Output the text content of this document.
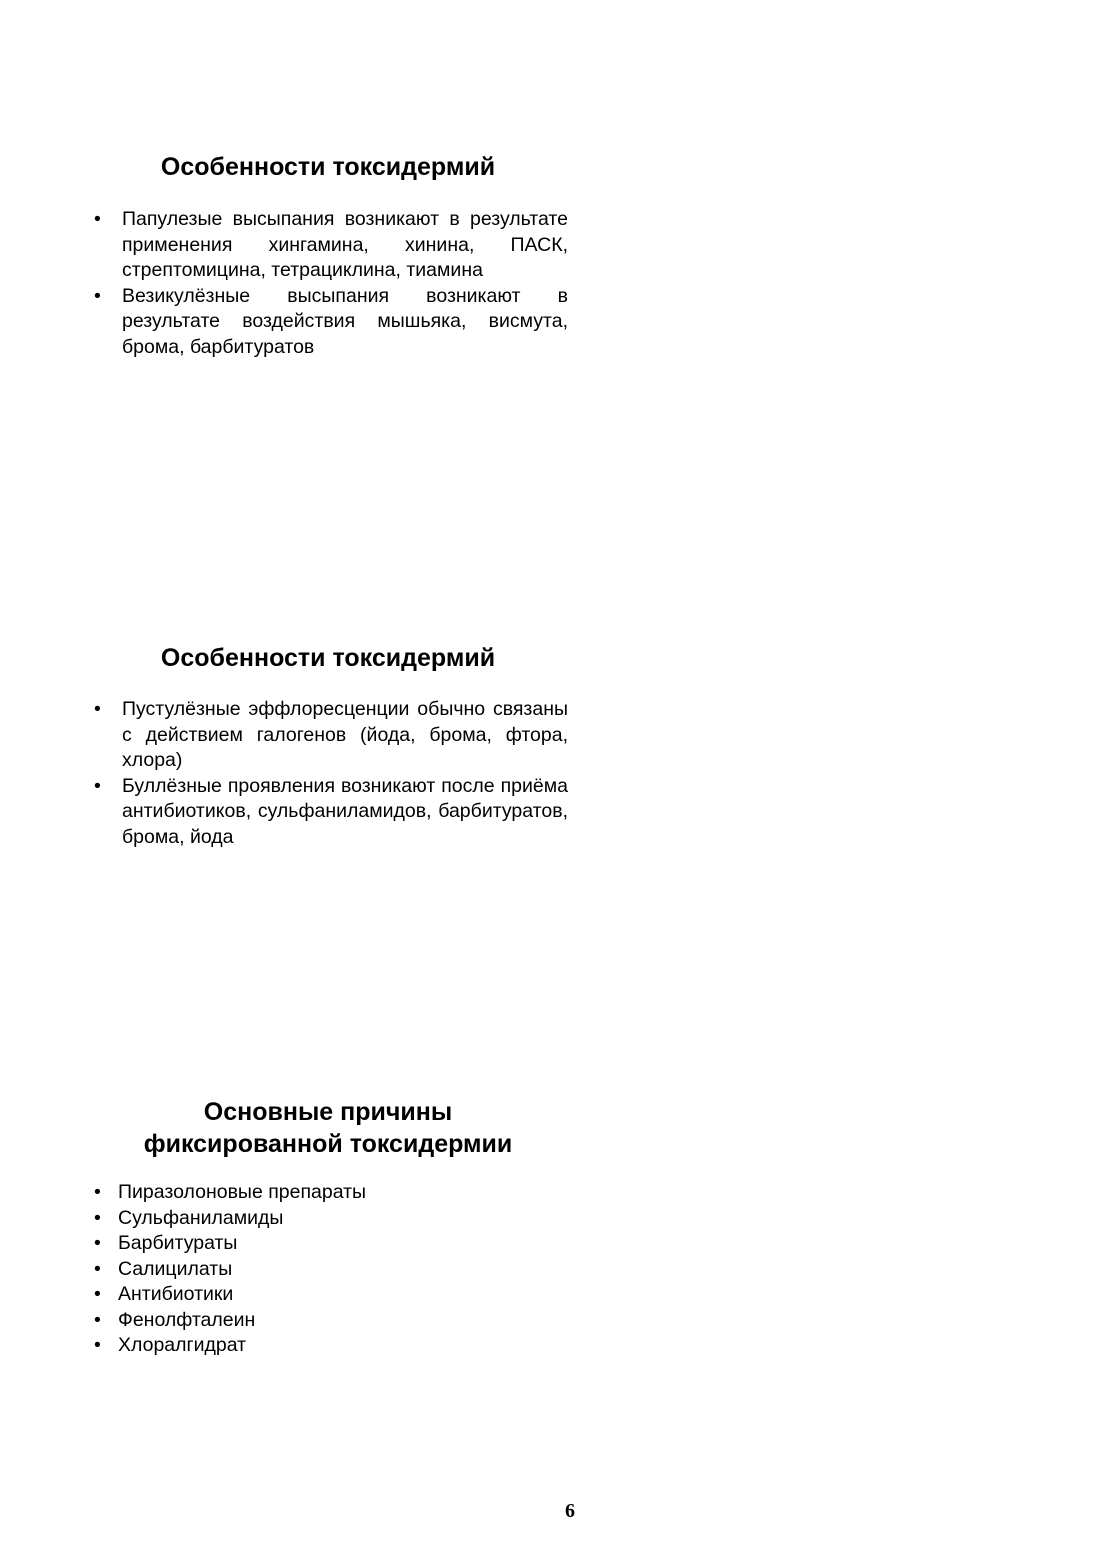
Особенности токсидермий
• Папулезые высыпания возникают в результате применения хингамина, хинина, ПАСК, стрептомицина, тетрациклина, тиамина
• Везикулёзные высыпания возникают в результате воздействия мышьяка, висмута, брома, барбитуратов
Особенности токсидермий
• Пустулёзные эффлоресценции обычно связаны с действием галогенов (йода, брома, фтора, хлора)
• Буллёзные проявления возникают после приёма антибиотиков, сульфаниламидов, барбитуратов, брома, йода
Основные причины
фиксированной токсидермии
• Пиразолоновые препараты
• Сульфаниламиды
• Барбитураты
• Салицилаты
• Антибиотики
• Фенолфталеин
• Хлоралгидрат
6
